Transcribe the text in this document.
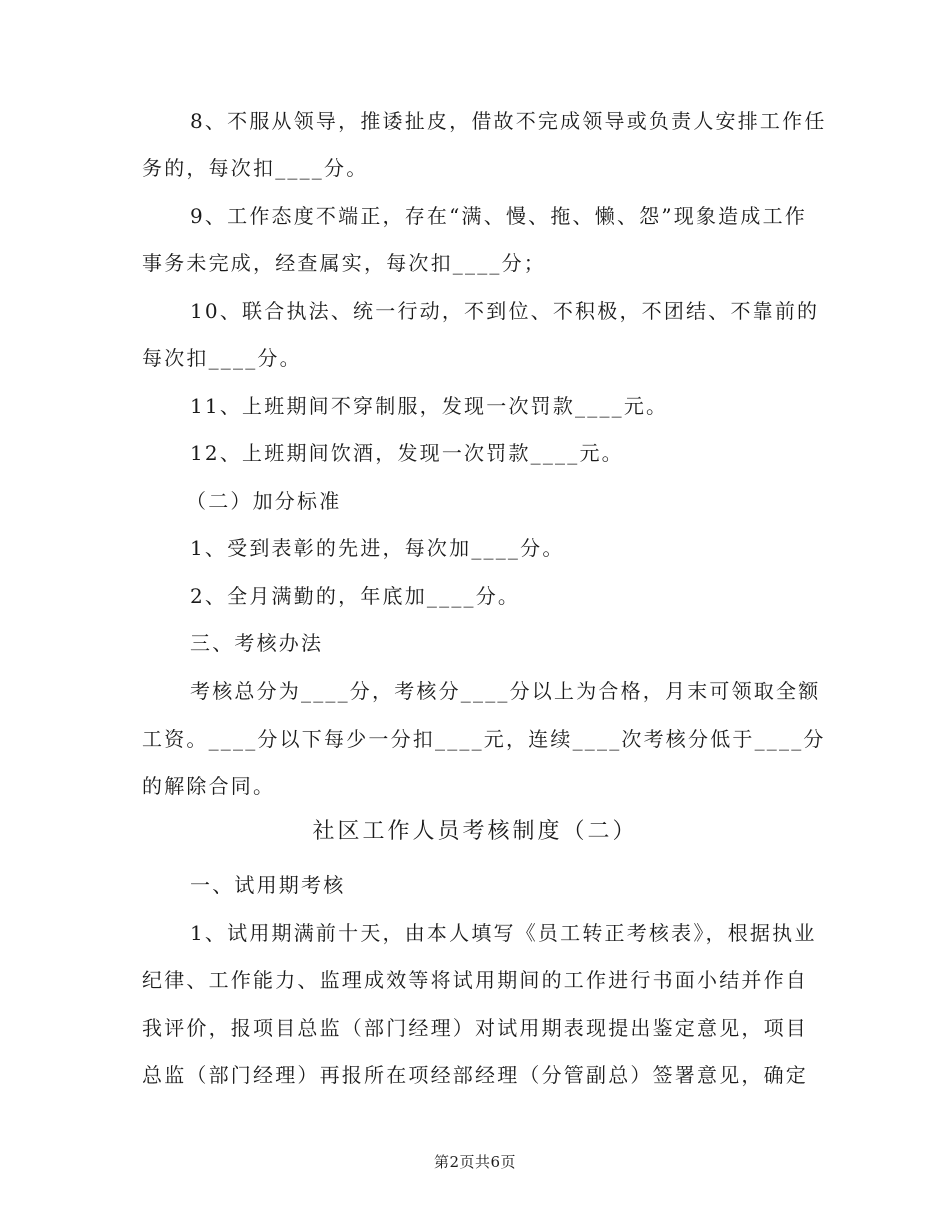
8、不服从领导，推诿扯皮，借故不完成领导或负责人安排工作任
务的，每次扣____分。
9、工作态度不端正，存在“满、慢、拖、懒、怨”现象造成工作
事务未完成，经查属实，每次扣____分；
10、联合执法、统一行动，不到位、不积极，不团结、不靠前的
每次扣____分。
11、上班期间不穿制服，发现一次罚款____元。
12、上班期间饮酒，发现一次罚款____元。
（二）加分标准
1、受到表彰的先进，每次加____分。
2、全月满勤的，年底加____分。
三、考核办法
考核总分为____分，考核分____分以上为合格，月末可领取全额
工资。____分以下每少一分扣____元，连续____次考核分低于____分
的解除合同。
社区工作人员考核制度（二）
一、试用期考核
1、试用期满前十天，由本人填写《员工转正考核表》，根据执业
纪律、工作能力、监理成效等将试用期间的工作进行书面小结并作自
我评价，报项目总监（部门经理）对试用期表现提出鉴定意见，项目
总监（部门经理）再报所在项经部经理（分管副总）签署意见，确定
第2页共6页
